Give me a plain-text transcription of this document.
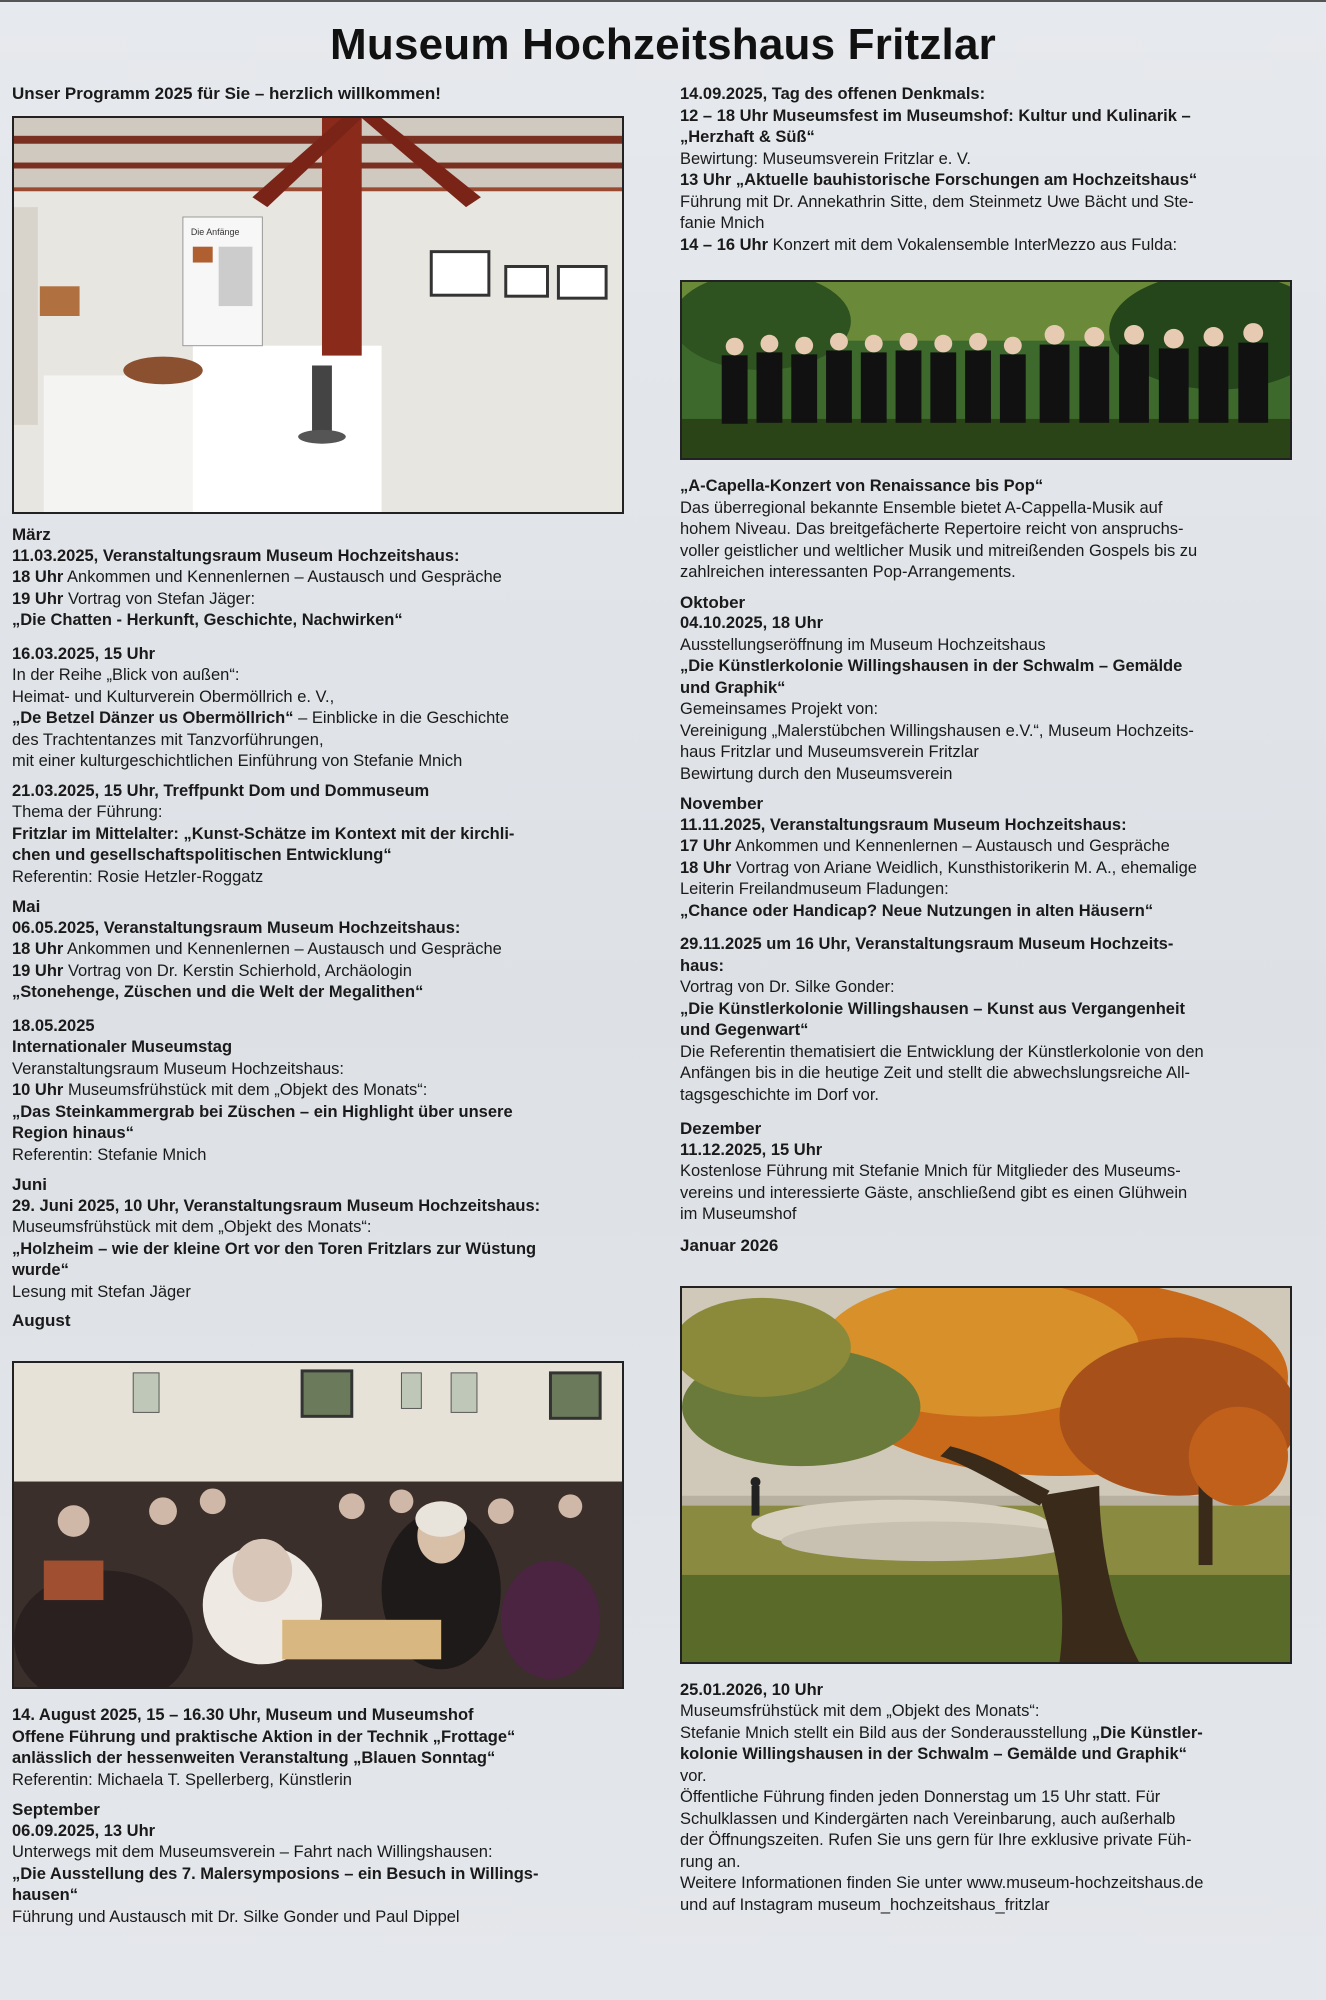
Museum Hochzeitshaus Fritzlar

Unser Programm 2025 für Sie – herzlich willkommen!

Die Anfänge

März

11.03.2025, Veranstaltungsraum Museum Hochzeitshaus:

18 Uhr Ankommen und Kennenlernen – Austausch und Gespräche

19 Uhr Vortrag von Stefan Jäger:

„Die Chatten - Herkunft, Geschichte, Nachwirken“

16.03.2025, 15 Uhr

In der Reihe „Blick von außen“:

Heimat- und Kulturverein Obermöllrich e. V.,

„De Betzel Dänzer us Obermöllrich“ – Einblicke in die Geschichte

des Trachtentanzes mit Tanzvorführungen,

mit einer kulturgeschichtlichen Einführung von Stefanie Mnich

21.03.2025, 15 Uhr, Treffpunkt Dom und Dommuseum

Thema der Führung:

Fritzlar im Mittelalter: „Kunst-Schätze im Kontext mit der kirchli-

chen und gesellschaftspolitischen Entwicklung“

Referentin: Rosie Hetzler-Roggatz

Mai

06.05.2025, Veranstaltungsraum Museum Hochzeitshaus:

18 Uhr Ankommen und Kennenlernen – Austausch und Gespräche

19 Uhr Vortrag von Dr. Kerstin Schierhold, Archäologin

„Stonehenge, Züschen und die Welt der Megalithen“

18.05.2025

Internationaler Museumstag

Veranstaltungsraum Museum Hochzeitshaus:

10 Uhr Museumsfrühstück mit dem „Objekt des Monats“:

„Das Steinkammergrab bei Züschen – ein Highlight über unsere

Region hinaus“

Referentin: Stefanie Mnich

Juni

29. Juni 2025, 10 Uhr, Veranstaltungsraum Museum Hochzeitshaus:

Museumsfrühstück mit dem „Objekt des Monats“:

„Holzheim – wie der kleine Ort vor den Toren Fritzlars zur Wüstung

wurde“

Lesung mit Stefan Jäger

August

14. August 2025, 15 – 16.30 Uhr, Museum und Museumshof

Offene Führung und praktische Aktion in der Technik „Frottage“

anlässlich der hessenweiten Veranstaltung „Blauen Sonntag“

Referentin: Michaela T. Spellerberg, Künstlerin

September

06.09.2025, 13 Uhr

Unterwegs mit dem Museumsverein – Fahrt nach Willingshausen:

„Die Ausstellung des 7. Malersymposions – ein Besuch in Willings-

hausen“

Führung und Austausch mit Dr. Silke Gonder und Paul Dippel

14.09.2025, Tag des offenen Denkmals:

12 – 18 Uhr Museumsfest im Museumshof: Kultur und Kulinarik –

„Herzhaft & Süß“

Bewirtung: Museumsverein Fritzlar e. V.

13 Uhr „Aktuelle bauhistorische Forschungen am Hochzeitshaus“

Führung mit Dr. Annekathrin Sitte, dem Steinmetz Uwe Bächt und Ste-

fanie Mnich

14 – 16 Uhr Konzert mit dem Vokalensemble InterMezzo aus Fulda:

„A-Capella-Konzert von Renaissance bis Pop“

Das überregional bekannte Ensemble bietet A-Cappella-Musik auf

hohem Niveau. Das breitgefächerte Repertoire reicht von anspruchs-

voller geistlicher und weltlicher Musik und mitreißenden Gospels bis zu

zahlreichen interessanten Pop-Arrangements.

Oktober

04.10.2025, 18 Uhr

Ausstellungseröffnung im Museum Hochzeitshaus

„Die Künstlerkolonie Willingshausen in der Schwalm – Gemälde

und Graphik“

Gemeinsames Projekt von:

Vereinigung „Malerstübchen Willingshausen e.V.“, Museum Hochzeits-

haus Fritzlar und Museumsverein Fritzlar

Bewirtung durch den Museumsverein

November

11.11.2025, Veranstaltungsraum Museum Hochzeitshaus:

17 Uhr Ankommen und Kennenlernen – Austausch und Gespräche

18 Uhr Vortrag von Ariane Weidlich, Kunsthistorikerin M. A., ehemalige

Leiterin Freilandmuseum Fladungen:

„Chance oder Handicap? Neue Nutzungen in alten Häusern“

29.11.2025 um 16 Uhr, Veranstaltungsraum Museum Hochzeits-

haus:

Vortrag von Dr. Silke Gonder:

„Die Künstlerkolonie Willingshausen – Kunst aus Vergangenheit

und Gegenwart“

Die Referentin thematisiert die Entwicklung der Künstlerkolonie von den

Anfängen bis in die heutige Zeit und stellt die abwechslungsreiche All-

tagsgeschichte im Dorf vor.

Dezember

11.12.2025, 15 Uhr

Kostenlose Führung mit Stefanie Mnich für Mitglieder des Museums-

vereins und interessierte Gäste, anschließend gibt es einen Glühwein

im Museumshof

Januar 2026

25.01.2026, 10 Uhr

Museumsfrühstück mit dem „Objekt des Monats“:

Stefanie Mnich stellt ein Bild aus der Sonderausstellung „Die Künstler-

kolonie Willingshausen in der Schwalm – Gemälde und Graphik“

vor.

Öffentliche Führung finden jeden Donnerstag um 15 Uhr statt. Für

Schulklassen und Kindergärten nach Vereinbarung, auch außerhalb

der Öffnungszeiten. Rufen Sie uns gern für Ihre exklusive private Füh-

rung an.

Weitere Informationen finden Sie unter www.museum-hochzeitshaus.de

und auf Instagram museum_hochzeitshaus_fritzlar
